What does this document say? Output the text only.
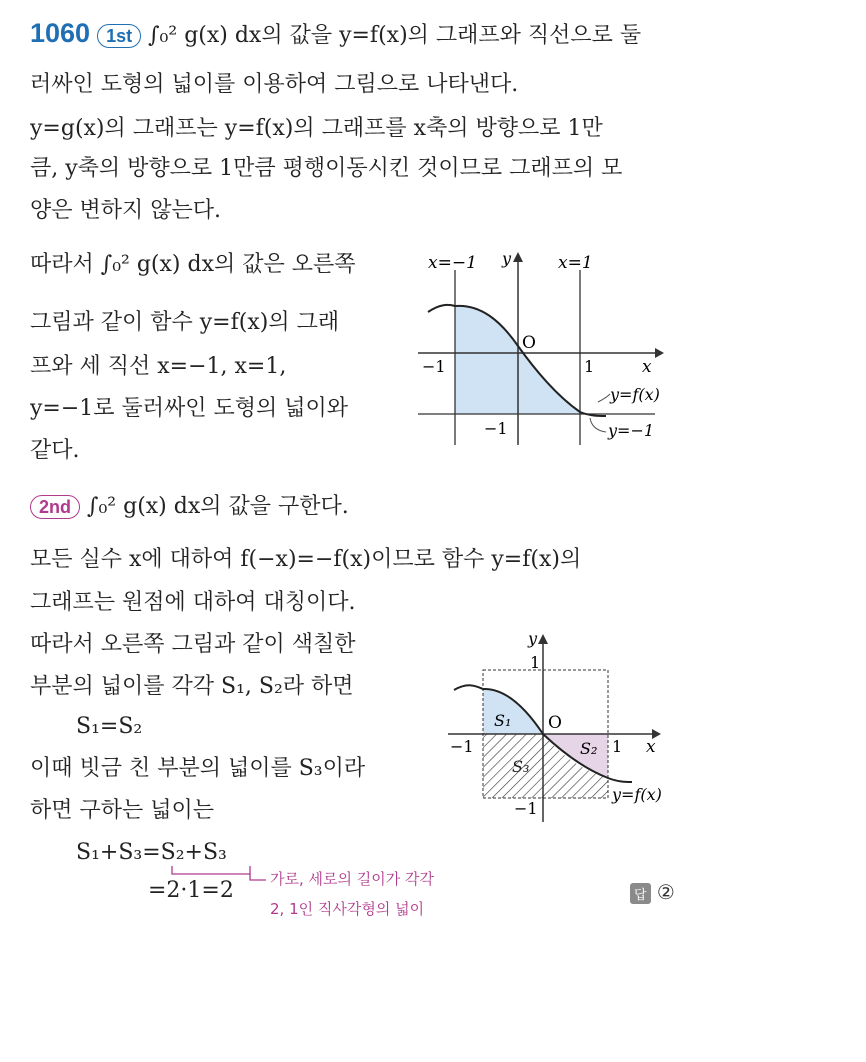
1060 1st ∫₀² g(x) dx의 값을 y=f(x)의 그래프와 직선으로 둘
러싸인 도형의 넓이를 이용하여 그림으로 나타낸다.
y=g(x)의 그래프는 y=f(x)의 그래프를 x축의 방향으로 1만
큼, y축의 방향으로 1만큼 평행이동시킨 것이므로 그래프의 모
양은 변하지 않는다.
따라서 ∫₀² g(x) dx의 값은 오른쪽
그림과 같이 함수 y=f(x)의 그래
프와 세 직선 x=−1, x=1,
y=−1로 둘러싸인 도형의 넓이와
같다.
x=−1 y	x=1
O
−1	1	x
y=f(x)
−1	y=−1
2nd ∫₀² g(x) dx의 값을 구한다.
모든 실수 x에 대하여 f(−x)=−f(x)이므로 함수 y=f(x)의
그래프는 원점에 대하여 대칭이다.
따라서 오른쪽 그림과 같이 색칠한
부분의 넓이를 각각 S₁, S₂라 하면
S₁=S₂
이때 빗금 친 부분의 넓이를 S₃이라
하면 구하는 넓이는
S₁+S₃=S₂+S₃
=2·1=2 가로, 세로의 길이가 각각
2, 1인 직사각형의 넓이
답 ②
y
1
O
−1	1 x
S₁
S₂
S₃
y=f(x)
−1
